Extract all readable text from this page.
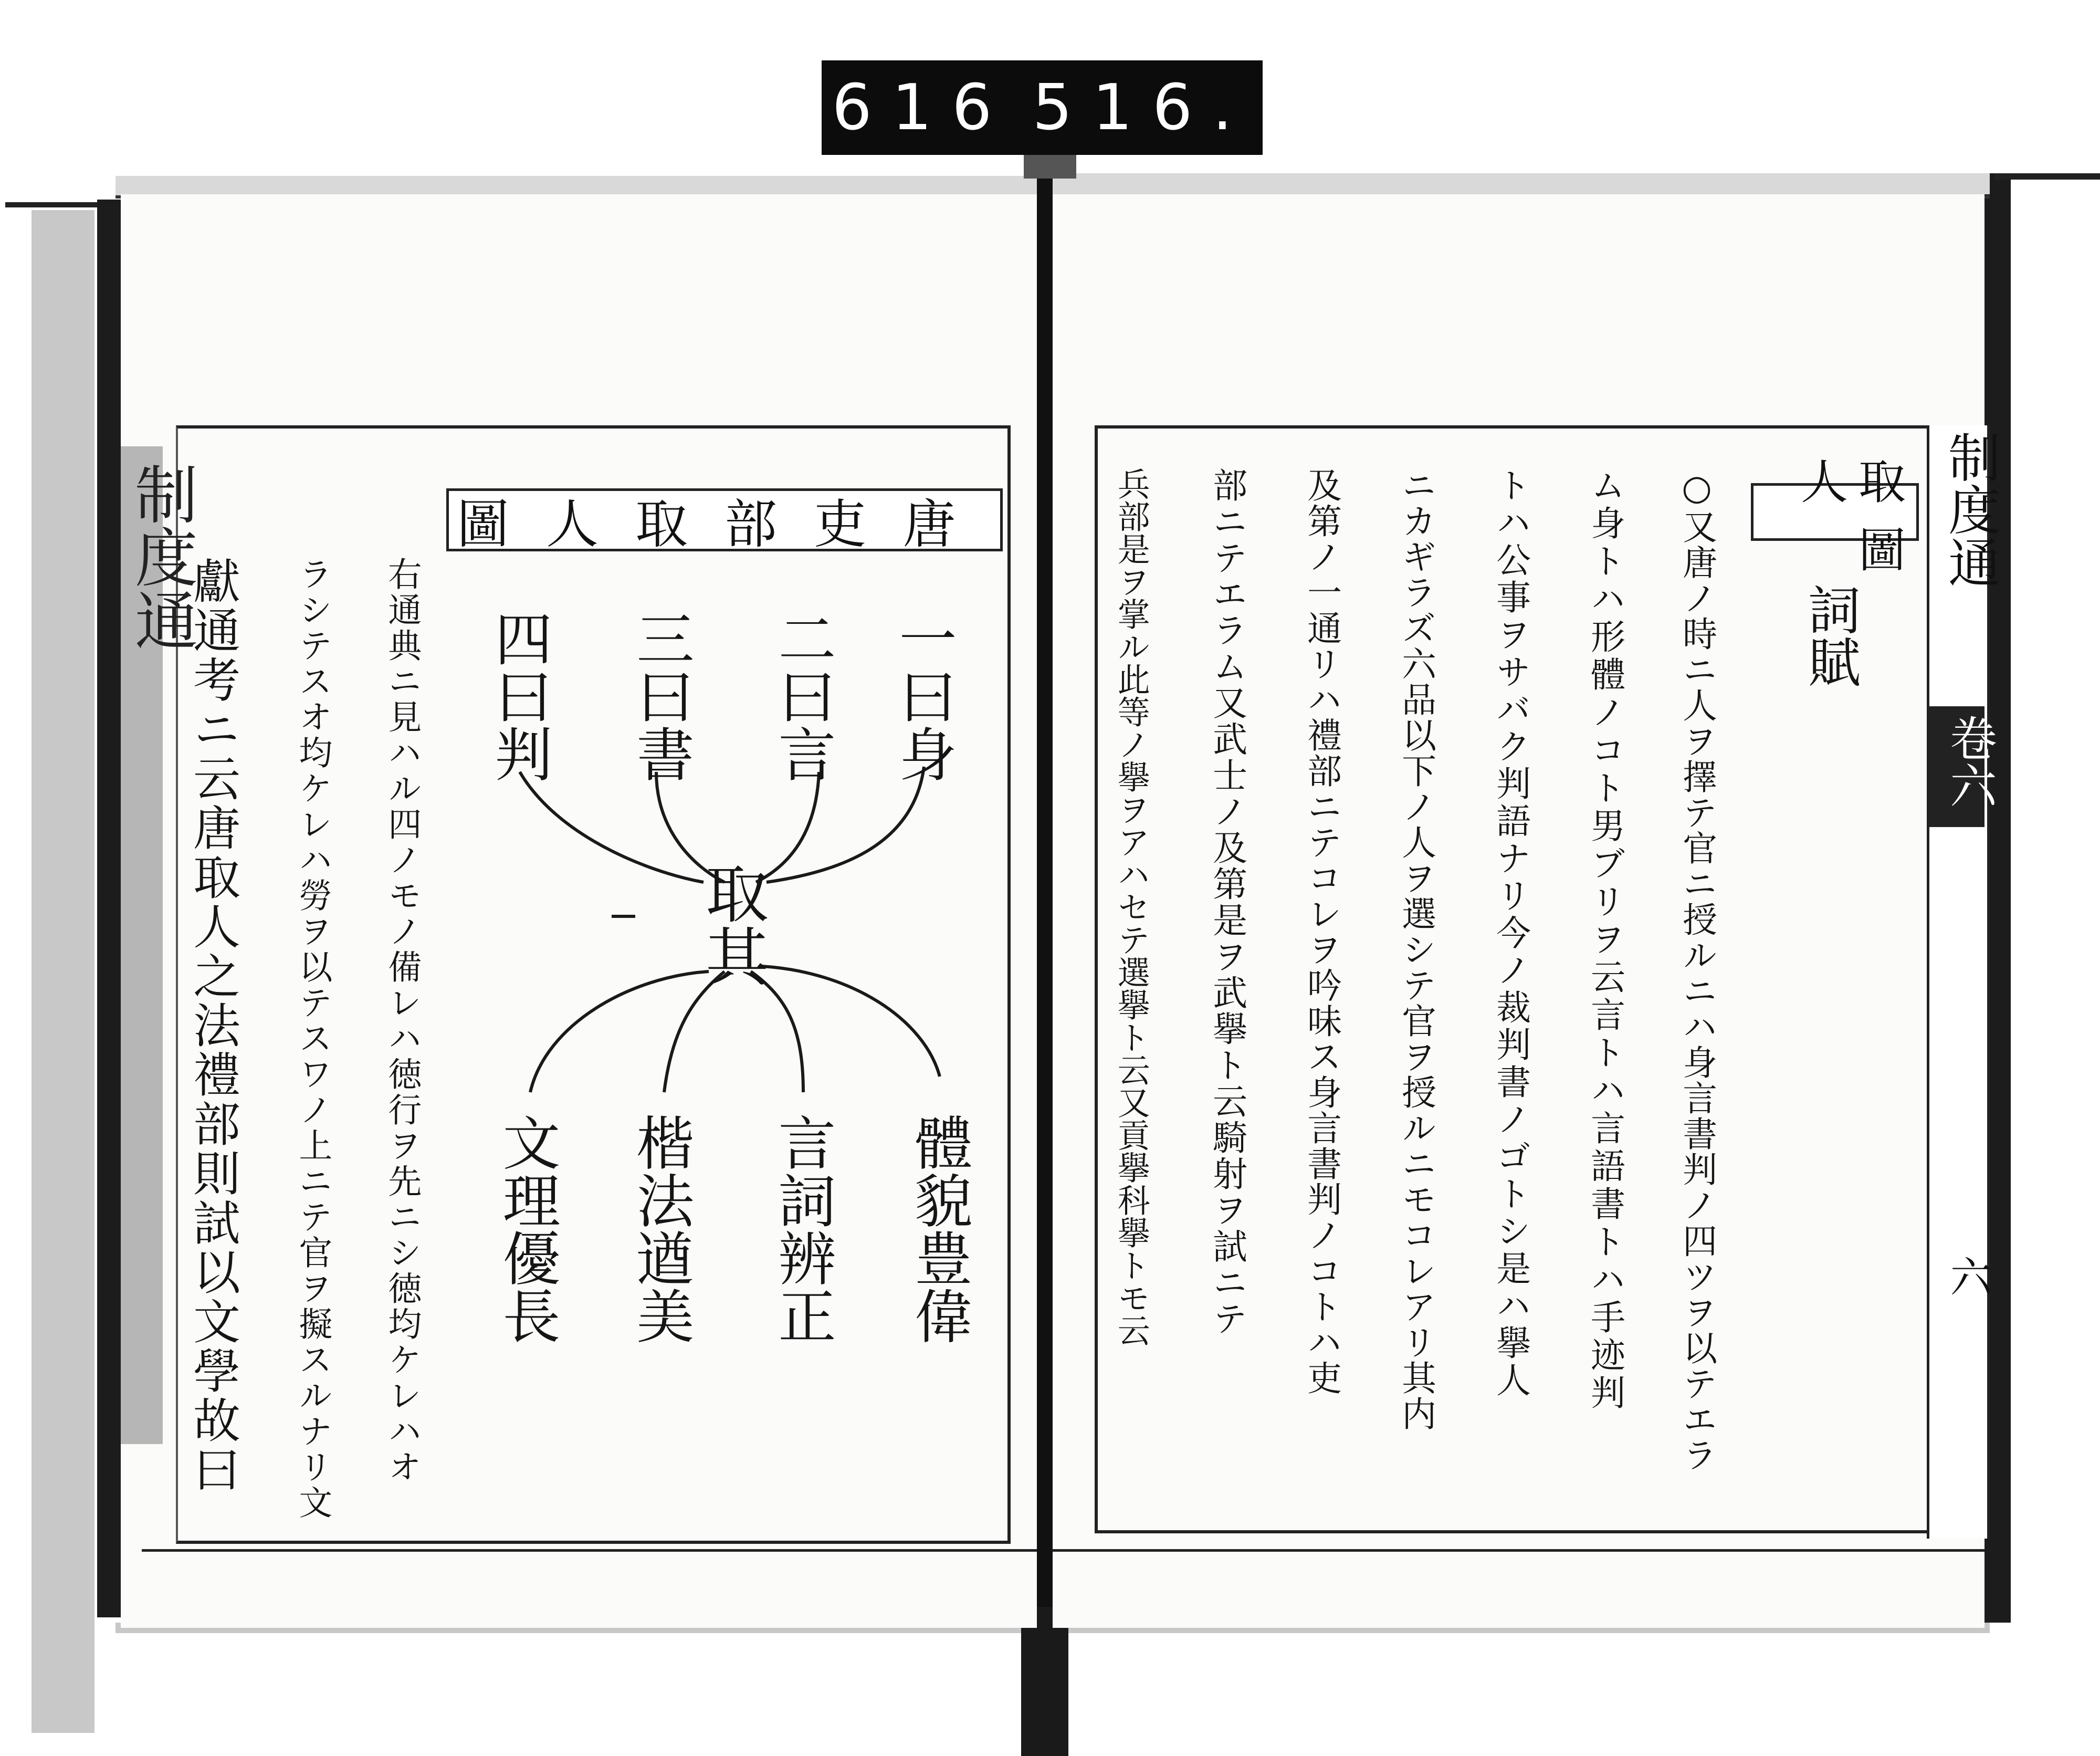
616 516.
制度通	唐吏部取人圖
一曰身
二曰言
三曰書
四曰判
取其
體貌豊偉
言詞辨正
楷法遒美
文理優長
右通典ニ見ハル四ノモノ備レハ徳行ヲ先ニシ徳均ケレハオ
ラシテスオ均ケレハ勞ヲ以テスワノ上ニテ官ヲ擬スルナリ文
獻通考ニ云唐取人之法禮部則試以文學故曰
制度通
卷六
六
取人圖
詞賦
○又唐ノ時ニ人ヲ擇テ官ニ授ルニハ身言書判ノ四ツヲ以テエラ
ム身トハ形體ノコト男ブリヲ云言トハ言語書トハ手迹判
トハ公事ヲサバク判語ナリ今ノ裁判書ノゴトシ是ハ擧人
ニカギラズ六品以下ノ人ヲ選シテ官ヲ授ルニモコレアリ其内
及第ノ一通リハ禮部ニテコレヲ吟味ス身言書判ノコトハ吏
部ニテエラム又武士ノ及第是ヲ武擧ト云騎射ヲ試ニテ
兵部是ヲ掌ル此等ノ擧ヲアハセテ選擧ト云又貢擧科擧トモ云
